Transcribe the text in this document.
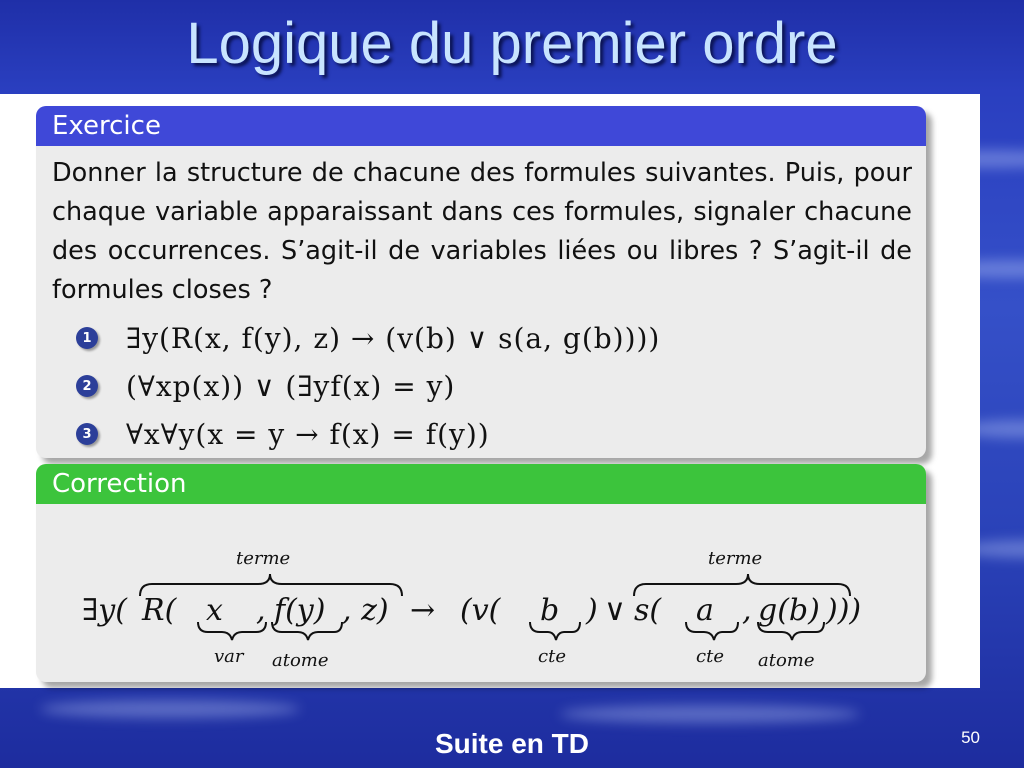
Logique du premier ordre
Exercice

Donner la structure de chacune des formules suivantes. Puis, pour chaque variable apparaissant dans ces formules, signaler chacune des occurrences. S’agit-il de variables liées ou libres ? S’agit-il de formules closes ?

1 ∃y(R(x, f(y), z) → (v(b) ∨ s(a, g(b))))
2 (∀xp(x)) ∨ (∃yf(x) = y)
3 ∀x∀y(x = y → f(x) = f(y))
Correction
∃y( R( x , f(y) , z) → (v( b ) ∨ s( a , g(b) )))
terme	terme
var atome	cte	cte atome
Suite en TD	50
